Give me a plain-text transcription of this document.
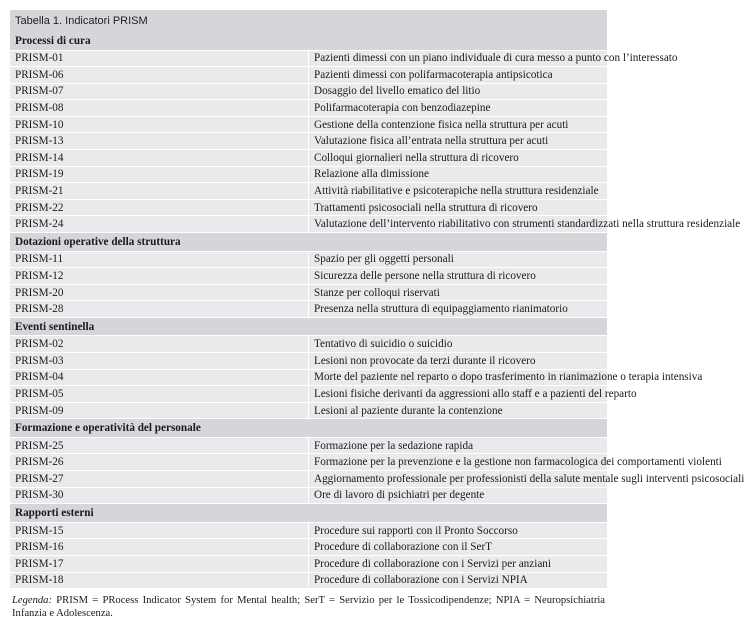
Tabella 1. Indicatori PRISM
Processi di cura	
PRISM-01	Pazienti dimessi con un piano individuale di cura messo a punto con l’interessato
PRISM-06	Pazienti dimessi con polifarmacoterapia antipsicotica
PRISM-07	Dosaggio del livello ematico del litio
PRISM-08	Polifarmacoterapia con benzodiazepine
PRISM-10	Gestione della contenzione fisica nella struttura per acuti
PRISM-13	Valutazione fisica all’entrata nella struttura per acuti
PRISM-14	Colloqui giornalieri nella struttura di ricovero
PRISM-19	Relazione alla dimissione
PRISM-21	Attività riabilitative e psicoterapiche nella struttura residenziale
PRISM-22	Trattamenti psicosociali nella struttura di ricovero
PRISM-24	Valutazione dell’intervento riabilitativo con strumenti standardizzati nella struttura residenziale
Dotazioni operative della struttura	
PRISM-11	Spazio per gli oggetti personali
PRISM-12	Sicurezza delle persone nella struttura di ricovero
PRISM-20	Stanze per colloqui riservati
PRISM-28	Presenza nella struttura di equipaggiamento rianimatorio
Eventi sentinella	
PRISM-02	Tentativo di suicidio o suicidio
PRISM-03	Lesioni non provocate da terzi durante il ricovero
PRISM-04	Morte del paziente nel reparto o dopo trasferimento in rianimazione o terapia intensiva
PRISM-05	Lesioni fisiche derivanti da aggressioni allo staff e a pazienti del reparto
PRISM-09	Lesioni al paziente durante la contenzione
Formazione e operatività del personale	
PRISM-25	Formazione per la sedazione rapida
PRISM-26	Formazione per la prevenzione e la gestione non farmacologica dei comportamenti violenti
PRISM-27	Aggiornamento professionale per professionisti della salute mentale sugli interventi psicosociali
PRISM-30	Ore di lavoro di psichiatri per degente
Rapporti esterni	
PRISM-15	Procedure sui rapporti con il Pronto Soccorso
PRISM-16	Procedure di collaborazione con il SerT
PRISM-17	Procedure di collaborazione con i Servizi per anziani
PRISM-18	Procedure di collaborazione con i Servizi NPIA
Legenda: PRISM = PRocess Indicator System for Mental health; SerT = Servizio per le Tossicodipendenze; NPIA = Neuropsichiatria Infanzia e Adolescenza.
